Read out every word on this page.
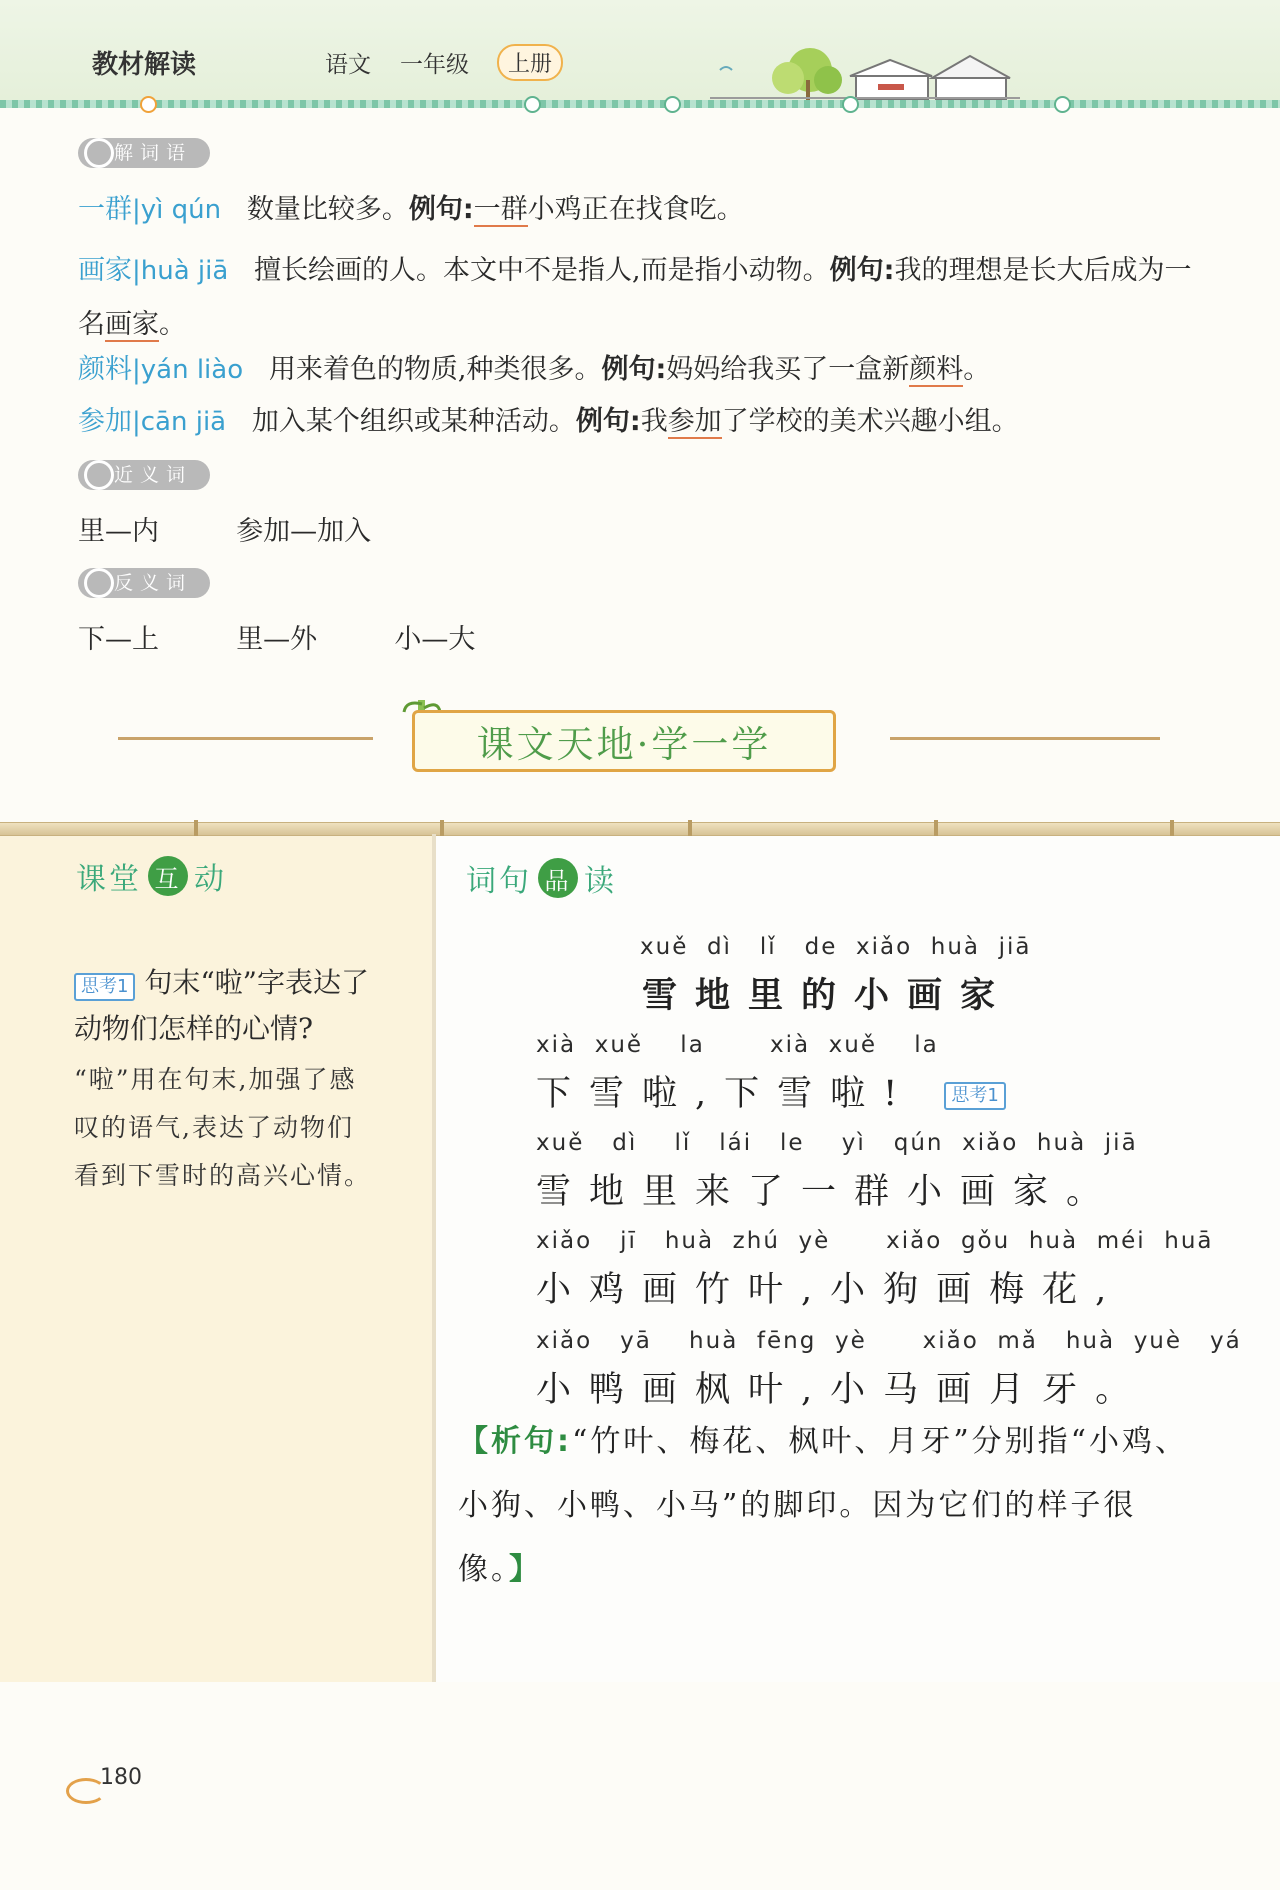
教材解读	语文 一年级	上册
解词语
一群|yì qún 数量比较多。例句:一群小鸡正在找食吃。
画家|huà jiā 擅长绘画的人。本文中不是指人,而是指小动物。例句:我的理想是长大后成为一名画家。
颜料|yán liào 用来着色的物质,种类很多。例句:妈妈给我买了一盒新颜料。
参加|cān jiā 加入某个组织或某种活动。例句:我参加了学校的美术兴趣小组。
近义词
里—内	参加—加入
反义词
下—上	里—外	小—大
课文天地·学一学
课堂 互 动
思考1 句末“啦”字表达了
动物们怎样的心情?
“啦”用在句末,加强了感
叹的语气,表达了动物们
看到下雪时的高兴心情。
词句 品 读
xuě  dì   lǐ   de  xiǎo  huà  jiā
雪地里的小画家
xià  xuě    la       xià  xuě    la
下雪啦,下雪啦! 思考1
xuě   dì    lǐ   lái   le    yì   qún  xiǎo  huà  jiā
雪地里来了一群小画家。
xiǎo   jī   huà  zhú  yè      xiǎo  gǒu  huà  méi  huā
小鸡画竹叶,小狗画梅花,
xiǎo   yā    huà  fēng  yè      xiǎo  mǎ   huà  yuè   yá
小鸭画枫叶,小马画月牙。
【析句:“竹叶、梅花、枫叶、月牙”分别指“小鸡、小狗、小鸭、小马”的脚印。因为它们的样子很像。】
180
